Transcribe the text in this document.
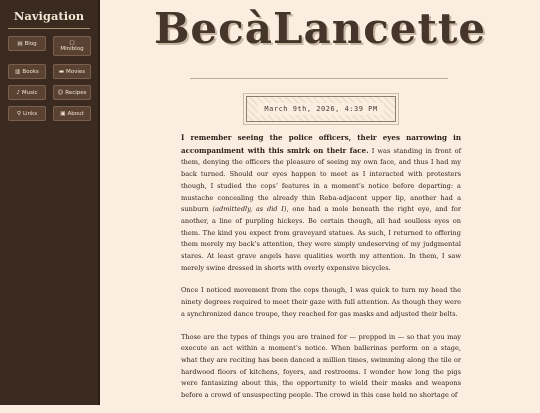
Navigation
▤ Blog	▢
Miniblog
▥ Books	▬ Movies
♪ Music	☺ Recipes
⚲ Links	▣ About
BecàLancette
March 9th, 2026, 4:39 PM

I remember seeing the police officers, their eyes narrowing in accompaniment with this smirk on their face. I was standing in front of them, denying the officers the pleasure of seeing my own face, and thus I had my back turned. Should our eyes happen to meet as I interacted with protesters though, I studied the cops’ features in a moment’s notice before departing: a mustache concealing the already thin Reba-adjacent upper lip, another had a sunburn (admittedly, as did I), one had a mole beneath the right eye, and for another, a line of purpling hickeys. Be certain though, all had soulless eyes on them. The kind you expect from graveyard statues. As such, I returned to offering them merely my back’s attention, they were simply undeserving of my judgmental stares. At least grave angels have qualities worth my attention. In them, I saw merely swine dressed in shorts with overly expensive bicycles.

Once I noticed movement from the cops though, I was quick to turn my head the ninety degrees required to meet their gaze with full attention. As though they were a synchronized dance troupe, they reached for gas masks and adjusted their belts.

Those are the types of things you are trained for — prepped in — so that you may execute an act within a moment’s notice. When ballerinas perform on a stage, what they are reciting has been danced a million times, swimming along the tile or hardwood floors of kitchens, foyers, and restrooms. I wonder how long the pigs were fantasizing about this, the opportunity to wield their masks and weapons before a crowd of unsuspecting people. The crowd in this case held no shortage of
